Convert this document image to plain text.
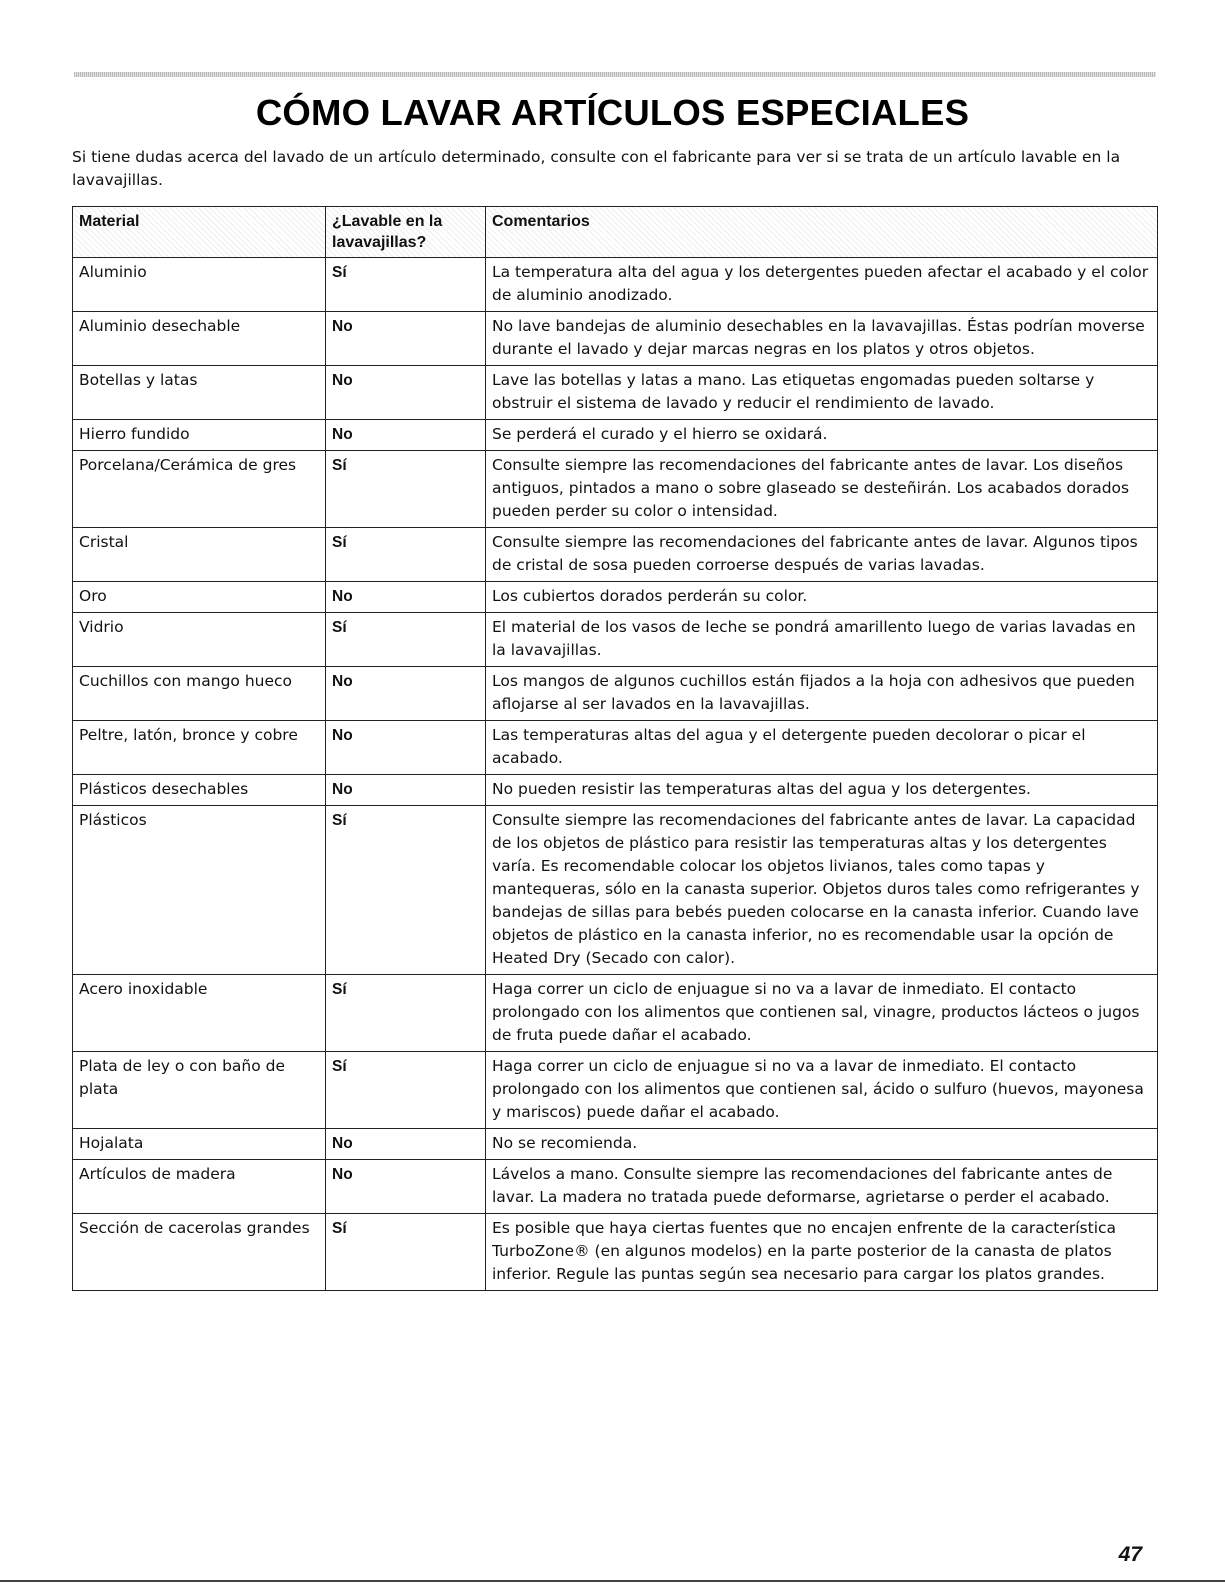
CÓMO LAVAR ARTÍCULOS ESPECIALES

Si tiene dudas acerca del lavado de un artículo determinado, consulte con el fabricante para ver si se trata de un artículo lavable en la lavavajillas.

Material	¿Lavable en la lavavajillas?	Comentarios
Aluminio	Sí	La temperatura alta del agua y los detergentes pueden afectar el acabado y el color de aluminio anodizado.
Aluminio desechable	No	No lave bandejas de aluminio desechables en la lavavajillas. Éstas podrían moverse durante el lavado y dejar marcas negras en los platos y otros objetos.
Botellas y latas	No	Lave las botellas y latas a mano. Las etiquetas engomadas pueden soltarse y obstruir el sistema de lavado y reducir el rendimiento de lavado.
Hierro fundido	No	Se perderá el curado y el hierro se oxidará.
Porcelana/Cerámica de gres	Sí	Consulte siempre las recomendaciones del fabricante antes de lavar. Los diseños antiguos, pintados a mano o sobre glaseado se desteñirán. Los acabados dorados pueden perder su color o intensidad.
Cristal	Sí	Consulte siempre las recomendaciones del fabricante antes de lavar. Algunos tipos de cristal de sosa pueden corroerse después de varias lavadas.
Oro	No	Los cubiertos dorados perderán su color.
Vidrio	Sí	El material de los vasos de leche se pondrá amarillento luego de varias lavadas en la lavavajillas.
Cuchillos con mango hueco	No	Los mangos de algunos cuchillos están fijados a la hoja con adhesivos que pueden aflojarse al ser lavados en la lavavajillas.
Peltre, latón, bronce y cobre	No	Las temperaturas altas del agua y el detergente pueden decolorar o picar el acabado.
Plásticos desechables	No	No pueden resistir las temperaturas altas del agua y los detergentes.
Plásticos	Sí	Consulte siempre las recomendaciones del fabricante antes de lavar. La capacidad de los objetos de plástico para resistir las temperaturas altas y los detergentes varía. Es recomendable colocar los objetos livianos, tales como tapas y mantequeras, sólo en la canasta superior. Objetos duros tales como refrigerantes y bandejas de sillas para bebés pueden colocarse en la canasta inferior. Cuando lave objetos de plástico en la canasta inferior, no es recomendable usar la opción de Heated Dry (Secado con calor).
Acero inoxidable	Sí	Haga correr un ciclo de enjuague si no va a lavar de inmediato. El contacto prolongado con los alimentos que contienen sal, vinagre, productos lácteos o jugos de fruta puede dañar el acabado.
Plata de ley o con baño de plata	Sí	Haga correr un ciclo de enjuague si no va a lavar de inmediato. El contacto prolongado con los alimentos que contienen sal, ácido o sulfuro (huevos, mayonesa y mariscos) puede dañar el acabado.
Hojalata	No	No se recomienda.
Artículos de madera	No	Lávelos a mano. Consulte siempre las recomendaciones del fabricante antes de lavar. La madera no tratada puede deformarse, agrietarse o perder el acabado.
Sección de cacerolas grandes	Sí	Es posible que haya ciertas fuentes que no encajen enfrente de la característica TurboZone® (en algunos modelos) en la parte posterior de la canasta de platos inferior. Regule las puntas según sea necesario para cargar los platos grandes.
47
